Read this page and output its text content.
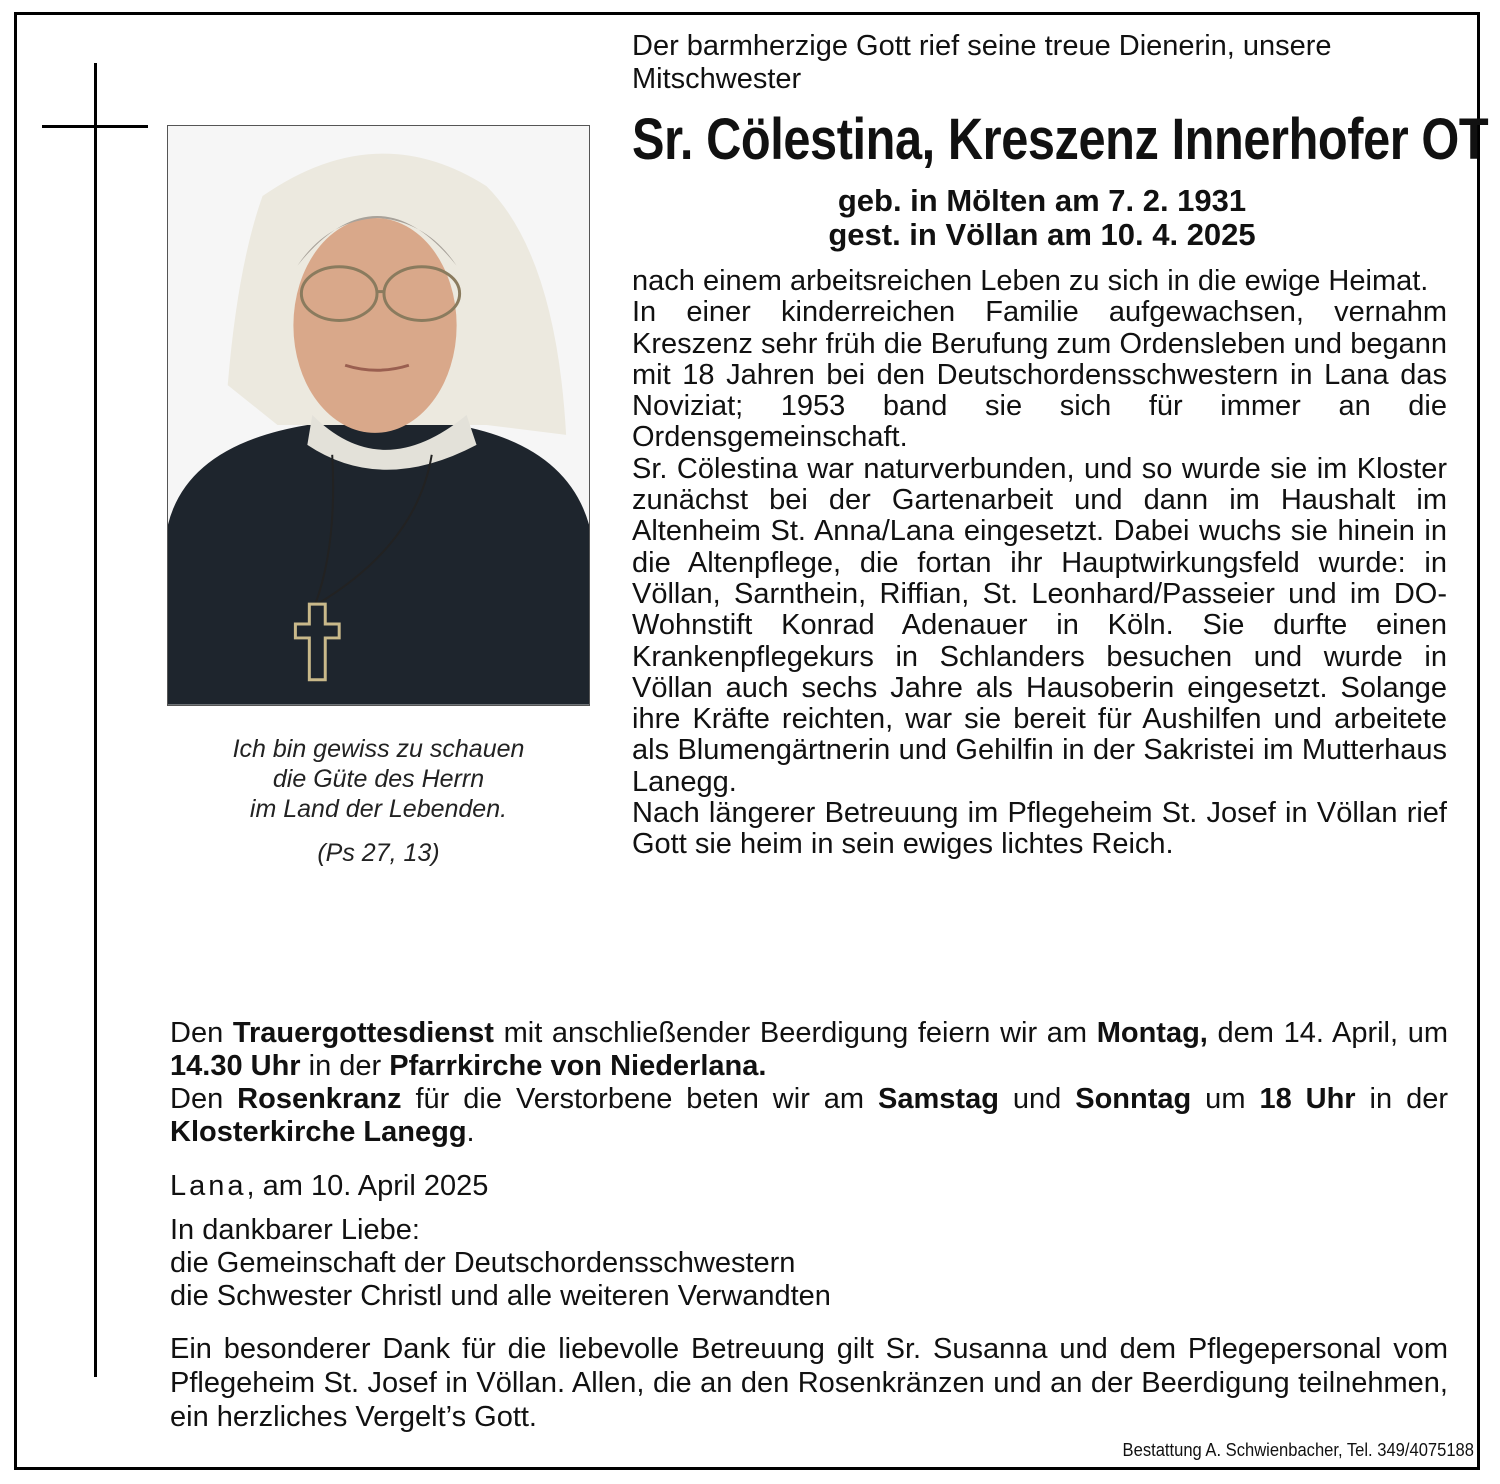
Ich bin gewiss zu schauen
die Güte des Herrn
im Land der Lebenden.
(Ps 27, 13)
Der barmherzige Gott rief seine treue Dienerin, unsere Mitschwester
Sr. Cölestina, Kreszenz Innerhofer OT
geb. in Mölten am 7. 2. 1931
gest. in Völlan am 10. 4. 2025

nach einem arbeitsreichen Leben zu sich in die ewige Heimat.

In einer kinderreichen Familie aufgewachsen, vernahm Kreszenz sehr früh die Berufung zum Ordensleben und begann mit 18 Jahren bei den Deutschordensschwestern in Lana das Noviziat; 1953 band sie sich für immer an die Ordensgemeinschaft.

Sr. Cölestina war naturverbunden, und so wurde sie im Kloster zunächst bei der Gartenarbeit und dann im Haushalt im Altenheim St. Anna/Lana eingesetzt. Dabei wuchs sie hinein in die Altenpflege, die fortan ihr Hauptwirkungsfeld wurde: in Völlan, Sarnthein, Riffian, St. Leonhard/Passeier und im DO-Wohnstift Konrad Adenauer in Köln. Sie durfte einen Krankenpflegekurs in Schlanders besuchen und wurde in Völlan auch sechs Jahre als Hausoberin eingesetzt. Solange ihre Kräfte reichten, war sie bereit für Aushilfen und arbeitete als Blumengärtnerin und Gehilfin in der Sakristei im Mutterhaus Lanegg.

Nach längerer Betreuung im Pflegeheim St. Josef in Völlan rief Gott sie heim in sein ewiges lichtes Reich.

Den Trauergottesdienst mit anschließender Beerdigung feiern wir am Montag, dem 14. April, um 14.30 Uhr in der Pfarrkirche von Niederlana.

Den Rosenkranz für die Verstorbene beten wir am Samstag und Sonntag um 18 Uhr in der Klosterkirche Lanegg.

Lana, am 10. April 2025
In dankbarer Liebe:
die Gemeinschaft der Deutschordensschwestern
die Schwester Christl und alle weiteren Verwandten
Ein besonderer Dank für die liebevolle Betreuung gilt Sr. Susanna und dem Pflegepersonal vom Pflegeheim St. Josef in Völlan. Allen, die an den Rosenkränzen und an der Beerdigung teilnehmen, ein herzliches Vergelt’s Gott.
Bestattung A. Schwienbacher, Tel. 349/4075188
